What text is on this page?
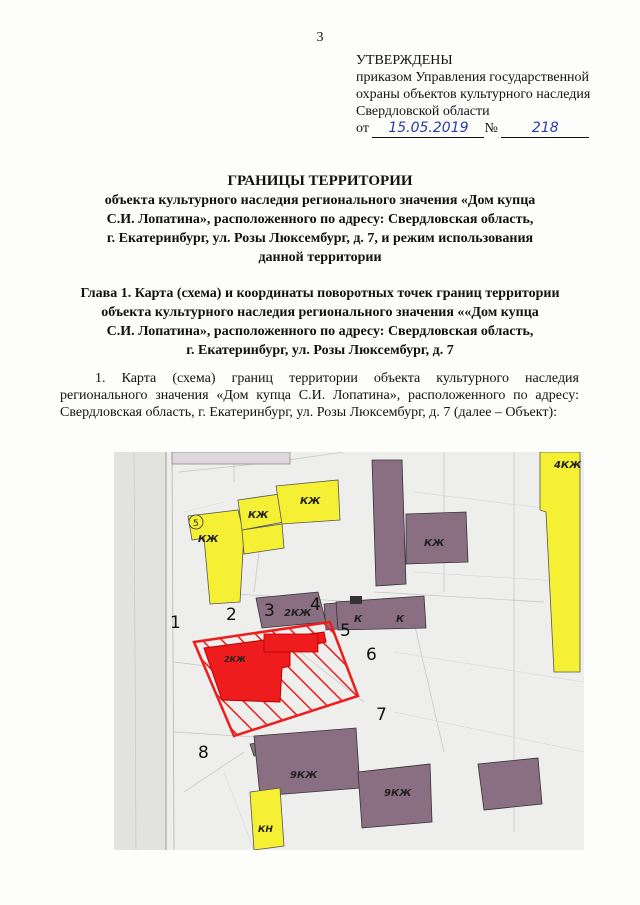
3
УТВЕРЖДЕНЫ
приказом Управления государственной
охраны объектов культурного наследия
Свердловской области
от 15.05.2019 № 218
ГРАНИЦЫ ТЕРРИТОРИИ
объекта культурного наследия регионального значения «Дом купца
С.И. Лопатина», расположенного по адресу: Свердловская область,
г. Екатеринбург, ул. Розы Люксембург, д. 7, и режим использования
данной территории
Глава 1. Карта (схема) и координаты поворотных точек границ территории
объекта культурного наследия регионального значения ««Дом купца
С.И. Лопатина», расположенного по адресу: Свердловская область,
г. Екатеринбург, ул. Розы Люксембург, д. 7
1. Карта (схема) границ территории объекта культурного наследия регионального значения «Дом купца С.И. Лопатина», расположенного по адресу: Свердловская область, г. Екатеринбург, ул. Розы Люксембург, д. 7 (далее – Объект):
КЖ
КЖ
КЖ	КЖ
4КЖ
2КЖ
2КЖ
К	К
9КЖ
9КЖ
КН
5
1	2 3 4
5
6
7
8
